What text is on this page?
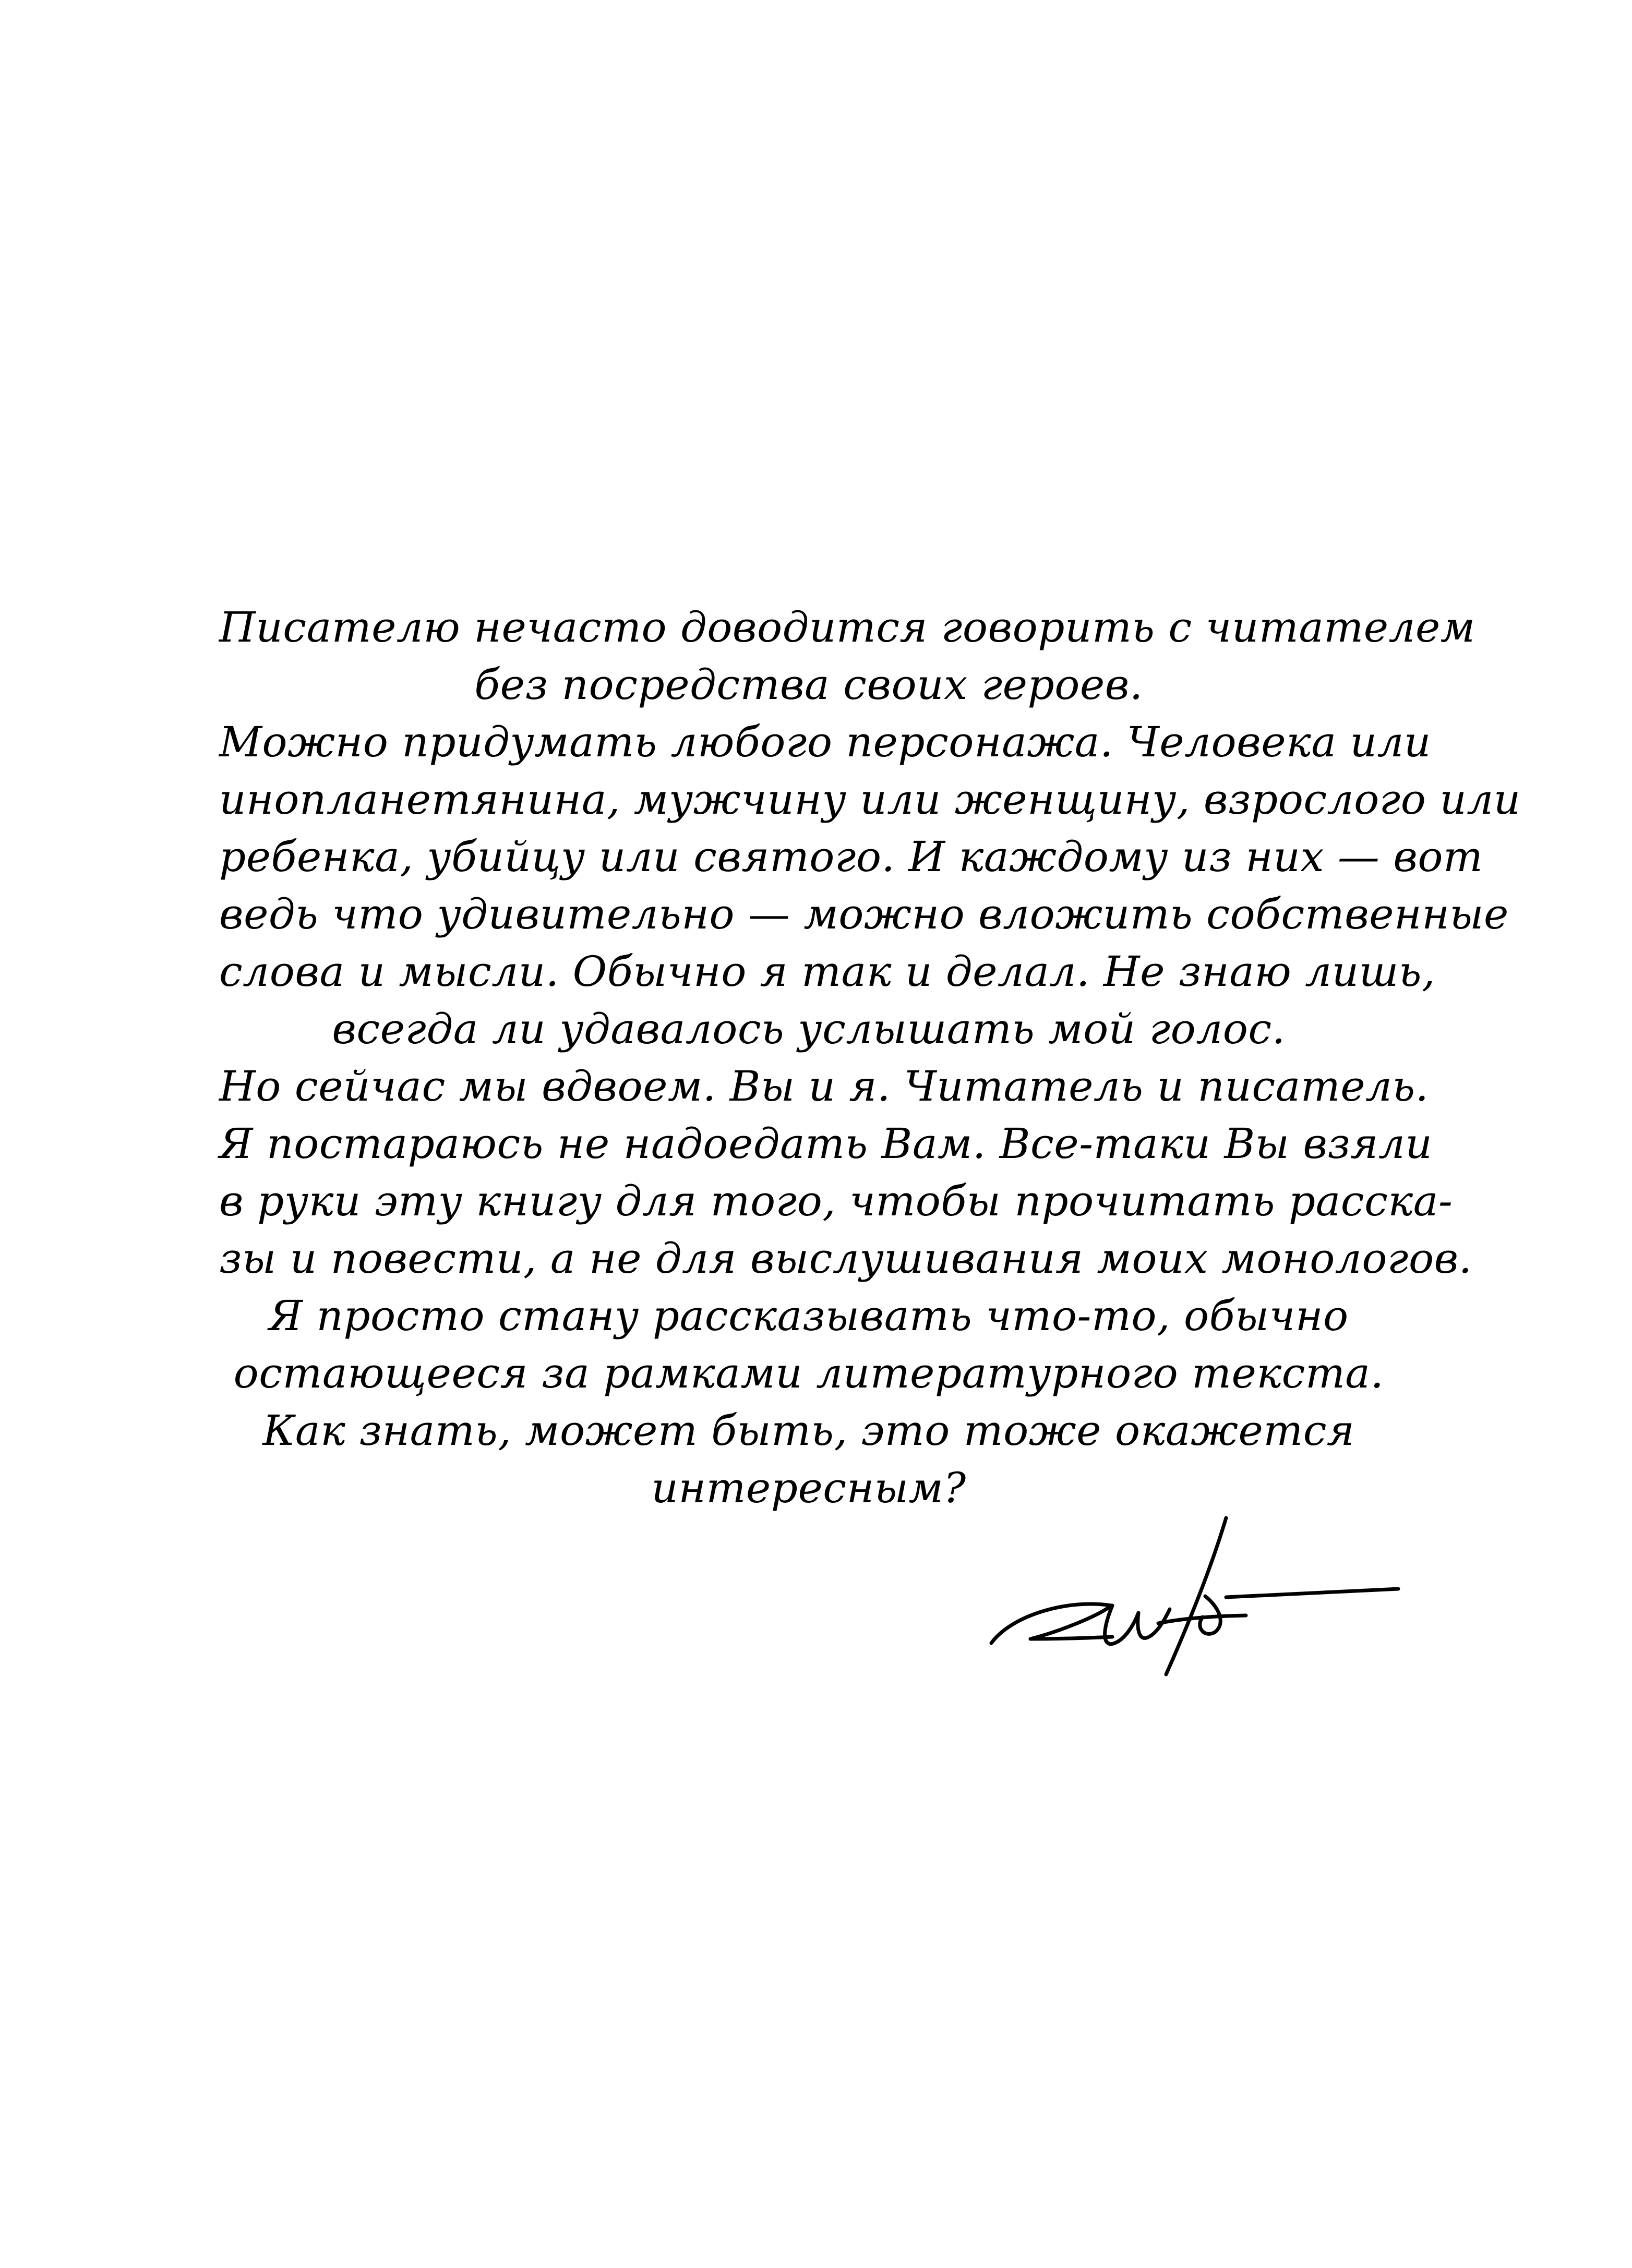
Писателю нечасто доводится говорить с читателем
без посредства своих героев.
Можно придумать любого персонажа. Человека или
инопланетянина, мужчину или женщину, взрослого или
ребенка, убийцу или святого. И каждому из них — вот
ведь что удивительно — можно вложить собственные
слова и мысли. Обычно я так и делал. Не знаю лишь,
всегда ли удавалось услышать мой голос.
Но сейчас мы вдвоем. Вы и я. Читатель и писатель.
Я постараюсь не надоедать Вам. Все-таки Вы взяли
в руки эту книгу для того, чтобы прочитать расска-
зы и повести, а не для выслушивания моих монологов.
Я просто стану рассказывать что-то, обычно
остающееся за рамками литературного текста.
Как знать, может быть, это тоже окажется
интересным?
